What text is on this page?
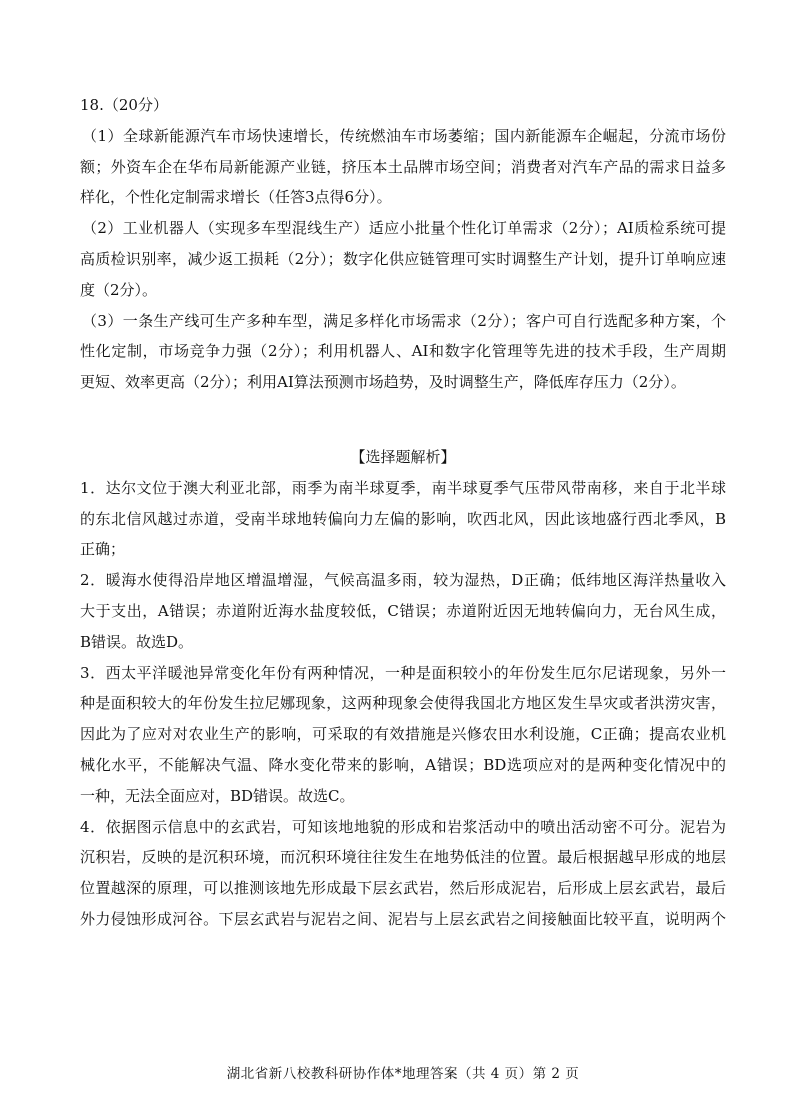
18.（20分）
（1）全球新能源汽车市场快速增长，传统燃油车市场萎缩；国内新能源车企崛起，分流市场份
额；外资车企在华布局新能源产业链，挤压本土品牌市场空间；消费者对汽车产品的需求日益多
样化，个性化定制需求增长（任答3点得6分）。
（2）工业机器人（实现多车型混线生产）适应小批量个性化订单需求（2分）；AI质检系统可提
高质检识别率，减少返工损耗（2分）；数字化供应链管理可实时调整生产计划，提升订单响应速
度（2分）。
（3）一条生产线可生产多种车型，满足多样化市场需求（2分）；客户可自行选配多种方案，个
性化定制，市场竞争力强（2分）；利用机器人、AI和数字化管理等先进的技术手段，生产周期
更短、效率更高（2分）；利用AI算法预测市场趋势，及时调整生产，降低库存压力（2分）。
【选择题解析】
1．达尔文位于澳大利亚北部，雨季为南半球夏季，南半球夏季气压带风带南移，来自于北半球
的东北信风越过赤道，受南半球地转偏向力左偏的影响，吹西北风，因此该地盛行西北季风，B
正确；
2．暖海水使得沿岸地区增温增湿，气候高温多雨，较为湿热，D正确；低纬地区海洋热量收入
大于支出，A错误；赤道附近海水盐度较低，C错误；赤道附近因无地转偏向力，无台风生成，
B错误。故选D。
3．西太平洋暖池异常变化年份有两种情况，一种是面积较小的年份发生厄尔尼诺现象，另外一
种是面积较大的年份发生拉尼娜现象，这两种现象会使得我国北方地区发生旱灾或者洪涝灾害，
因此为了应对对农业生产的影响，可采取的有效措施是兴修农田水利设施，C正确；提高农业机
械化水平，不能解决气温、降水变化带来的影响，A错误；BD选项应对的是两种变化情况中的
一种，无法全面应对，BD错误。故选C。
4．依据图示信息中的玄武岩，可知该地地貌的形成和岩浆活动中的喷出活动密不可分。泥岩为
沉积岩，反映的是沉积环境，而沉积环境往往发生在地势低洼的位置。最后根据越早形成的地层
位置越深的原理，可以推测该地先形成最下层玄武岩，然后形成泥岩，后形成上层玄武岩，最后
外力侵蚀形成河谷。下层玄武岩与泥岩之间、泥岩与上层玄武岩之间接触面比较平直，说明两个
湖北省新八校教科研协作体*地理答案（共 4 页）第 2 页
